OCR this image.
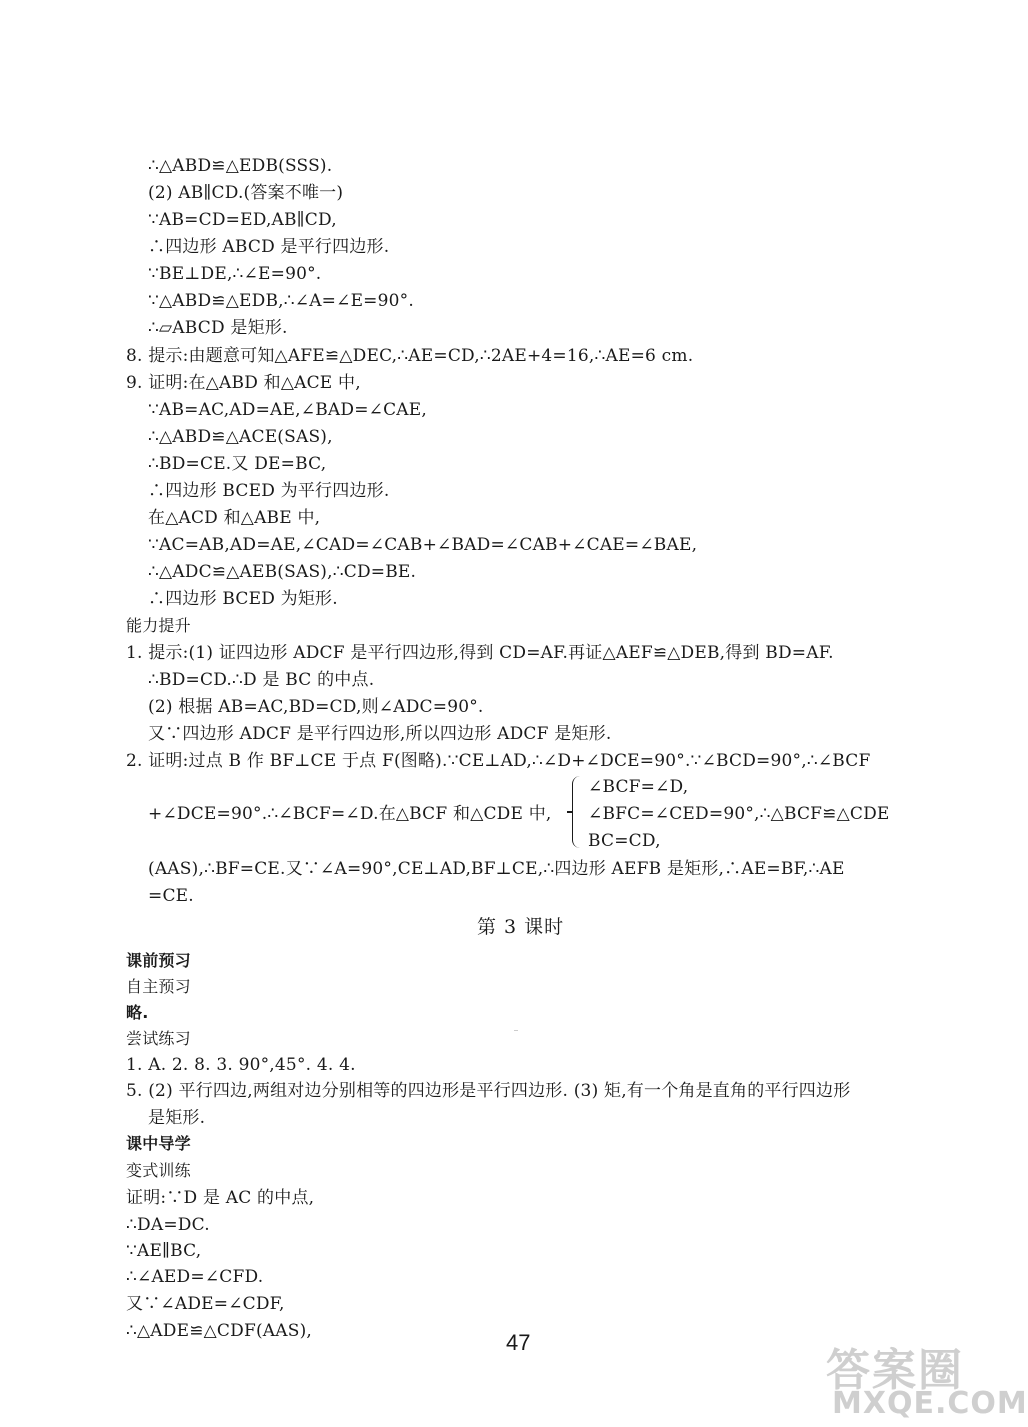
∴△ABD≌△EDB(SSS).
(2) AB∥CD.(答案不唯一)
∵AB=CD=ED,AB∥CD,
∴四边形 ABCD 是平行四边形.
∵BE⊥DE,∴∠E=90°.
∵△ABD≌△EDB,∴∠A=∠E=90°.
∴▱ABCD 是矩形.
8. 提示:由题意可知△AFE≌△DEC,∴AE=CD,∴2AE+4=16,∴AE=6 cm.
9. 证明:在△ABD 和△ACE 中,
∵AB=AC,AD=AE,∠BAD=∠CAE,
∴△ABD≌△ACE(SAS),
∴BD=CE.又 DE=BC,
∴四边形 BCED 为平行四边形.
在△ACD 和△ABE 中,
∵AC=AB,AD=AE,∠CAD=∠CAB+∠BAD=∠CAB+∠CAE=∠BAE,
∴△ADC≌△AEB(SAS),∴CD=BE.
∴四边形 BCED 为矩形.
能力提升
1. 提示:(1) 证四边形 ADCF 是平行四边形,得到 CD=AF.再证△AEF≌△DEB,得到 BD=AF.
∴BD=CD.∴D 是 BC 的中点.
(2) 根据 AB=AC,BD=CD,则∠ADC=90°.
又∵四边形 ADCF 是平行四边形,所以四边形 ADCF 是矩形.
2. 证明:过点 B 作 BF⊥CE 于点 F(图略).∵CE⊥AD,∴∠D+∠DCE=90°.∵∠BCD=90°,∴∠BCF
+∠DCE=90°.∴∠BCF=∠D.在△BCF 和△CDE 中,
∠BCF=∠D,
∠BFC=∠CED=90°,∴△BCF≌△CDE
BC=CD,
(AAS),∴BF=CE.又∵∠A=90°,CE⊥AD,BF⊥CE,∴四边形 AEFB 是矩形,∴AE=BF,∴AE
=CE.
第 3 课时
课前预习
自主预习
略.
尝试练习
1. A. 2. 8. 3. 90°,45°. 4. 4.
5. (2) 平行四边,两组对边分别相等的四边形是平行四边形. (3) 矩,有一个角是直角的平行四边形
是矩形.
课中导学
变式训练
证明:∵D 是 AC 的中点,
∴DA=DC.
∵AE∥BC,
∴∠AED=∠CFD.
又∵∠ADE=∠CDF,
∴△ADE≌△CDF(AAS),	47
答案圈
MXQE.COM
